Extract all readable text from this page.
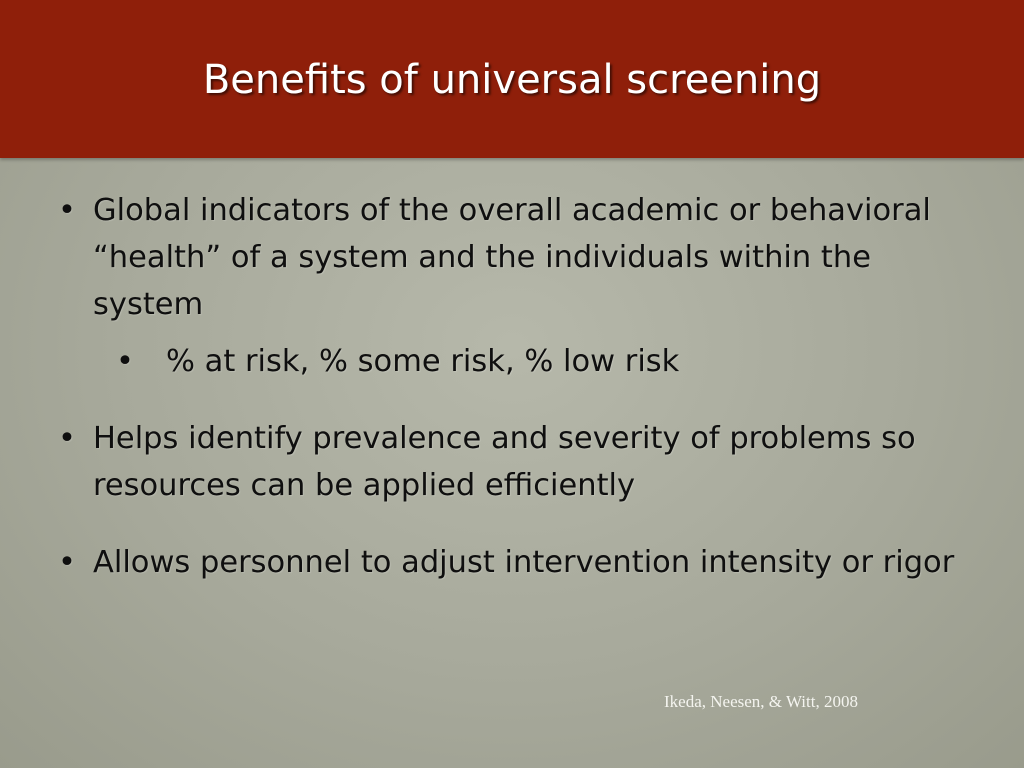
Benefits of universal screening
• Global indicators of the overall academic or behavioral “health” of a system and the individuals within the system
• % at risk, % some risk, % low risk
• Helps identify prevalence and severity of problems so resources can be applied efficiently
• Allows personnel to adjust intervention intensity or rigor
Ikeda, Neesen, & Witt, 2008
